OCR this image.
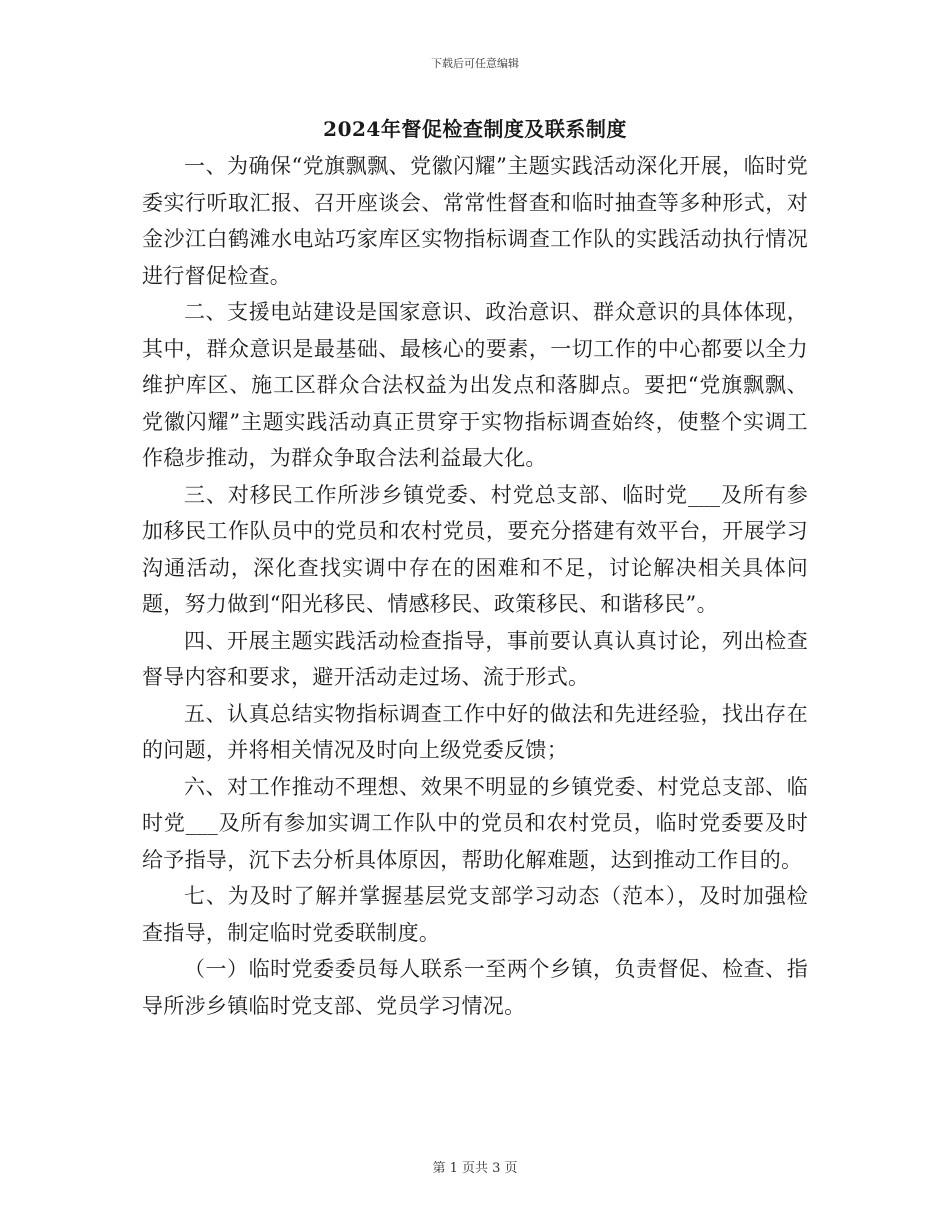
下载后可任意编辑
2024年督促检查制度及联系制度

一、为确保“党旗飘飘、党徽闪耀”主题实践活动深化开展，临时党委实行听取汇报、召开座谈会、常常性督查和临时抽查等多种形式，对金沙江白鹤滩水电站巧家库区实物指标调查工作队的实践活动执行情况进行督促检查。

二、支援电站建设是国家意识、政治意识、群众意识的具体体现，其中，群众意识是最基础、最核心的要素，一切工作的中心都要以全力维护库区、施工区群众合法权益为出发点和落脚点。要把“党旗飘飘、党徽闪耀”主题实践活动真正贯穿于实物指标调查始终，使整个实调工作稳步推动，为群众争取合法利益最大化。

三、对移民工作所涉乡镇党委、村党总支部、临时党___及所有参加移民工作队员中的党员和农村党员，要充分搭建有效平台，开展学习沟通活动，深化查找实调中存在的困难和不足，讨论解决相关具体问题，努力做到“阳光移民、情感移民、政策移民、和谐移民”。

四、开展主题实践活动检查指导，事前要认真认真讨论，列出检查督导内容和要求，避开活动走过场、流于形式。

五、认真总结实物指标调查工作中好的做法和先进经验，找出存在的问题，并将相关情况及时向上级党委反馈；

六、对工作推动不理想、效果不明显的乡镇党委、村党总支部、临时党___及所有参加实调工作队中的党员和农村党员，临时党委要及时给予指导，沉下去分析具体原因，帮助化解难题，达到推动工作目的。

七、为及时了解并掌握基层党支部学习动态（范本），及时加强检查指导，制定临时党委联制度。

（一）临时党委委员每人联系一至两个乡镇，负责督促、检查、指导所涉乡镇临时党支部、党员学习情况。

第 1 页共 3 页
